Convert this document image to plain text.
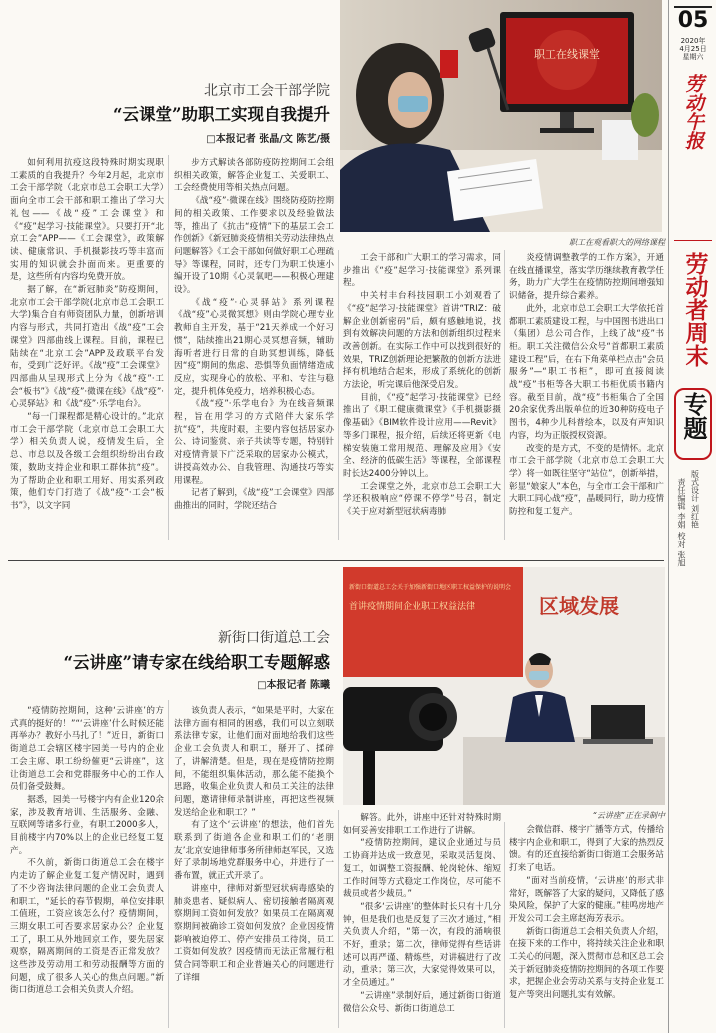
05
2020年
4月25日
星期六
劳动午报
劳动者周末
专题
责任编辑 李娟 版式设计 刘红艳 校对 张旭
北京市工会干部学院
“云课堂”助职工实现自我提升
□本报记者 张晶/文 陈艺/摄
职工在线课堂
职工在观看职大的网络课程

如何利用抗疫这段特殊时期实现职工素质的自我提升？今年2月起，北京市工会干部学院（北京市总工会职工大学）面向全市工会干部和职工推出了学习大礼包——《战“疫”工会课堂》和《“疫”起学习·技能课堂》。只要打开“北京工会”APP——《工会课堂》，政策解读、健康常识、手机摄影技巧等丰富而实用的知识就会扑面而来。更重要的是，这些所有内容均免费开放。

据了解，在“新冠肺炎”防疫期间，北京市工会干部学院(北京市总工会职工大学)集合自有师资团队力量，创新培训内容与形式，共同打造出《战“疫”工会课堂》四部曲线上课程。目前，课程已陆续在“北京工会”APP及政联平台发布，受到广泛好评。《战“疫”工会课堂》四部曲从呈现形式上分为《战“疫”·工会“板书”》《战“疫”·微课在线》《战“疫”·心灵驿站》和《战“疫”·乐学电台》。

“每一门课程都是精心设计的。”北京市工会干部学院（北京市总工会职工大学）相关负责人说，疫情发生后，全总、市总以及各级工会组织纷纷出台政策，数助支持企业和职工群体抗“疫”。为了帮助企业和职工用好、用实系列政策，他们专门打造了《战“疫”·工会“板书”》，以文字同

步方式解读各部防疫防控期间工会组织相关政策，解答企业复工、关爱职工、工会经费使用等相关热点问题。

《战“疫”·微课在线》围绕防疫防控期间的相关政策、工作要求以及经验做法等，推出了《抗击“疫情”下的基层工会工作创新》《新冠肺炎疫情相关劳动法律热点问题解答》《工会干部如何做好职工心理疏导》等课程，同时，还专门为职工快速小编开设了10期《心灵氧吧——积极心理建设》。

《战“疫”·心灵驿站》系列课程《战“疫”心灵微冥想》则由学院心理专业教师自主开发，基于“21天养成一个好习惯”，陆续推出21期心灵冥想音频，辅助海听者进行日常的自助冥想训练，降低因“疫”期间的焦虑、恐惧等负面情绪造成反应，实现身心的放松、平和、专注与稳定，提升机体免疫力，培养积极心态。

《战“疫”·乐学电台》为在线音频课程，旨在用学习的方式陪伴大家乐学抗“疫”，共度时艰，主要内容包括居家办公、诗词鉴赏、亲子共读等专题，特别针对疫情背景下广泛采取的居家办公模式，讲授高效办公、自我管理、沟通技巧等实用课程。

记者了解到，《战“疫”工会课堂》四部曲推出的同时，学院还结合

工会干部和广大职工的学习需求，同步推出《“疫”起学习·技能课堂》系列课程。

中关村丰台科技园职工小刘观看了《“疫”起学习·技能课堂》首讲“TRIZ：破解企业创新密码”后，颇有感触地说，找到有效解决问题的方法和创新组织过程来改善创新。在实际工作中可以找到很好的效果，TRIZ创新理论把繁散的创新方法进择有机地结合起来，形成了系统化的创新方法论，听完课后他深受启发。

目前，《“疫”起学习·技能课堂》已经推出了《职工健康微课堂》《手机摄影摄像基础》《BIM软件设计应用——Revit》等多门课程，报介绍，后续还将更新《电梯安装施工常用规范、理解及应用》《安全、经济的低碳生活》等课程，全部课程时长达2400分钟以上。

工会课堂之外，北京市总工会职工大学还积极响应“停课不停学”号召，制定《关于应对新型冠状病毒肺

炎疫情调整教学的工作方案》，开通在线直播课堂，落实学历继续教育教学任务，助力广大学生在疫情防控期间增强知识储备，提升综合素养。

此外，北京市总工会职工大学依托首都职工素质建设工程，与中国图书进出口（集团）总公司合作，上线了战“疫”书柜。职工关注微信公众号“首都职工素质建设工程”后，在右下角菜单栏点击“会员服务”—“职工书柜”，即可直接阅读战“疫”书柜等各大职工书柜优质书籍内容。截至目前，战“疫”书柜集合了全国20余家优秀出版单位的近30种防疫电子图书，4种少儿科普绘本，以及有声知识内容，均为正版授权资源。

改变的是方式，不变的是情怀。北京市工会干部学院（北京市总工会职工大学）将一如既往坚守“站位”，创新举措，彰显“娘家人”本色，与全市工会干部和广大职工同心战“疫”，晶暖同行，助力疫情防控和复工复产。

新街口街道总工会关于加强新街口地区职工权益保护的说明会
首讲疫情期间企业职工权益法律	区域发展
“云讲座”正在录制中
新街口街道总工会
“云讲座”请专家在线给职工专题解惑
□本报记者 陈曦

“疫情防控期间，这种‘云讲座’的方式真的挺好的！”“‘云讲座’什么时候还能再举办？教好小马扎了！”近日，新街口街道总工会辖区楼宇园美一号内的企业工会主席、职工纷纷催更“云讲座”，这让街道总工会和党群服务中心的工作人员们备受鼓舞。

据悉，园美一号楼宇内有企业120余家，涉及教育培训、生活服务、金融、互联网等诸多行业，有职工2000多人，目前楼宇内70%以上的企业已经复工复产。

不久前，新街口街道总工会在楼宇内走访了解企业复工复产情况时，遇到了不少咨询法律问题的企业工会负责人和职工，“延长的春节假期，单位安排职工值班，工资应该怎么付？疫情期间，三期女职工可否要求居家办公？企业复工了，职工从外地回京工作，要先居家观察，隔离期间的工资是否正常发放？这些涉及劳动用工和劳动报酬等方面的问题，成了很多人关心的焦点问题。”新街口街道总工会相关负责人介绍。

该负责人表示，“如果是平时，大家在法律方面有相同的困惑，我们可以立刻联系法律专家，让他们面对面地给我们这些企业工会负责人和职工，掰开了、揉碎了，讲解清楚。但是，现在是疫情防控期间，不能组织集体活动，那么能不能换个思路，收集企业负责人和员工关注的法律问题，邀请律师录制讲座，再把这些视频发送给企业和职工？”

有了这个‘云讲座’的想法，他们首先联系到了街道各企业和职工们的‘老朋友’北京安迪律师事务所律师赵军民，又选好了录制场地党群服务中心，并进行了一番布置，就正式开录了。

讲座中，律师对新型冠状病毒感染的肺炎患者、疑似病人、密切接触者隔离观察期间工资如何发放？如果员工在隔离观察期间被确诊工资如何发放？企业因疫情影响被迫停工、停产安排员工待岗，员工工资如何发放？因疫情而无法正常履行租赁合同等职工和企业普遍关心的问题进行了详细

解答。此外，讲座中还针对特殊时期如何妥善安排职工工作进行了讲解。

“疫情防控期间，建议企业通过与员工协商并达成一致意见，采取灵活复岗、复工，如调整工资报酬、轮岗轮休、缩短工作时间等方式稳定工作岗位，尽可能不裁员或者少裁员。”

“很多‘云讲座’的整体时长只有十几分钟，但是我们也是反复了三次才通过，”相关负责人介绍，“第一次，有段的涌响很不好，重录；第二次，律师觉得有些话讲述可以再严谨、精炼些，对讲稿进行了改动，重录；第三次，大家觉得效果可以，才全员通过。”

“云讲座”录制好后，通过新街口街道微信公众号、新街口街道总工

会微信群、楼宇广播等方式，传播给楼宇内企业和职工，得到了大家的热烈反馈。有的还直接给新街口街道工会服务站打来了电话。

“面对当前疫情，‘云讲座’的形式非常好，既解答了大家的疑问，又降低了感染风险，保护了大家的健康。”桂鸣房地产开发公司工会主席赵海芳表示。

新街口街道总工会相关负责人介绍，在接下来的工作中，将持续关注企业和职工关心的问题，深入贯彻市总和区总工会关于新冠肺炎疫情防控期间的各项工作要求，把握企业会劳动关系与支持企业复工复产等突出问题扎实有效解。
